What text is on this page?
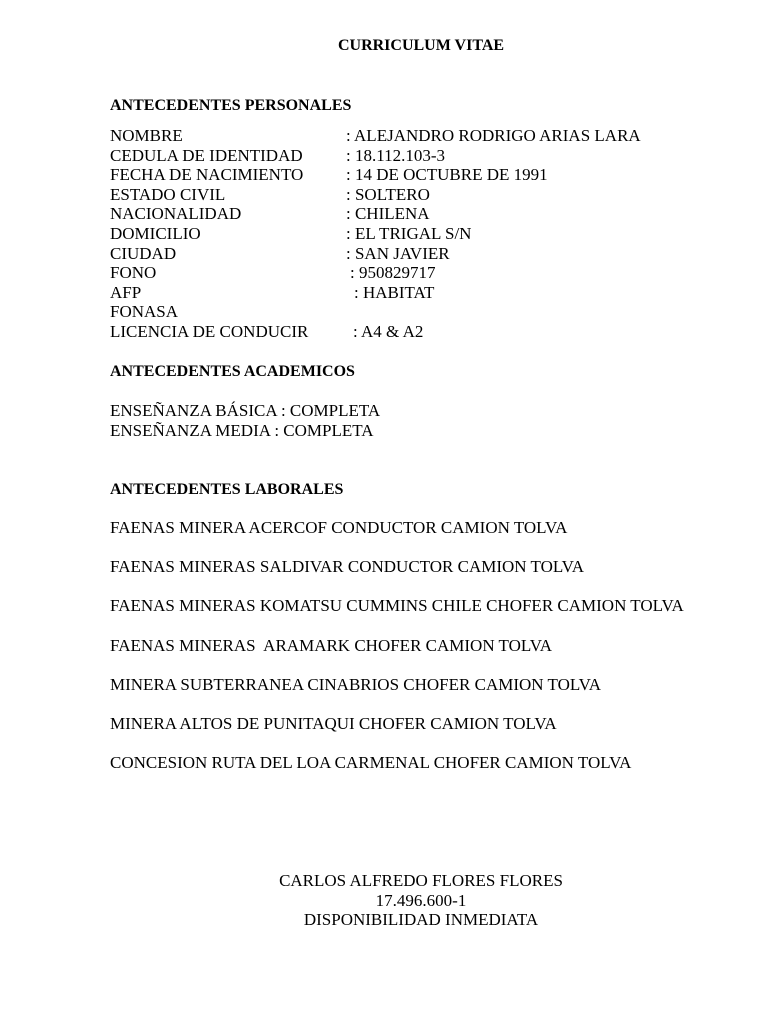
CURRICULUM VITAE
ANTECEDENTES PERSONALES
NOMBRE	: ALEJANDRO RODRIGO ARIAS LARA
CEDULA DE IDENTIDAD	: 18.112.103-3
FECHA DE NACIMIENTO	: 14 DE OCTUBRE DE 1991
ESTADO CIVIL	: SOLTERO
NACIONALIDAD	: CHILENA
DOMICILIO	: EL TRIGAL S/N
CIUDAD	: SAN JAVIER
FONO	: 950829717
AFP	: HABITAT
FONASA
LICENCIA DE CONDUCIR	: A4 & A2
ANTECEDENTES ACADEMICOS
ENSEÑANZA BÁSICA : COMPLETA
ENSEÑANZA MEDIA : COMPLETA
ANTECEDENTES LABORALES
FAENAS MINERA ACERCOF CONDUCTOR CAMION TOLVA
FAENAS MINERAS SALDIVAR CONDUCTOR CAMION TOLVA
FAENAS MINERAS KOMATSU CUMMINS CHILE CHOFER CAMION TOLVA
FAENAS MINERAS  ARAMARK CHOFER CAMION TOLVA
MINERA SUBTERRANEA CINABRIOS CHOFER CAMION TOLVA
MINERA ALTOS DE PUNITAQUI CHOFER CAMION TOLVA
CONCESION RUTA DEL LOA CARMENAL CHOFER CAMION TOLVA
CARLOS ALFREDO FLORES FLORES
17.496.600-1
DISPONIBILIDAD INMEDIATA
